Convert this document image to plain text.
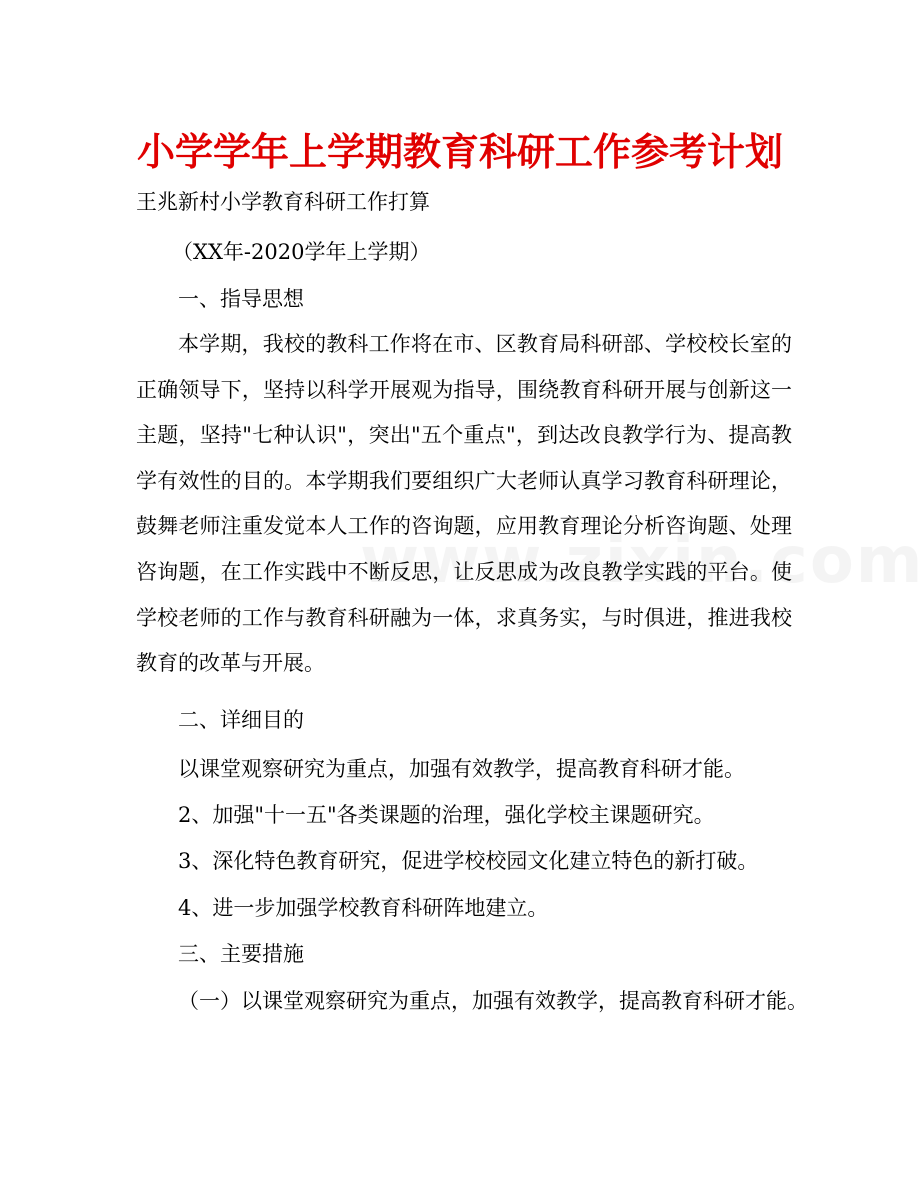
小学学年上学期教育科研工作参考计划
王兆新村小学教育科研工作打算
（XX年-2020学年上学期）
一、指导思想

本学期，我校的教科工作将在市、区教育局科研部、学校校长室的正确领导下，坚持以科学开展观为指导，围绕教育科研开展与创新这一主题，坚持"七种认识"，突出"五个重点"，到达改良教学行为、提高教学有效性的目的。本学期我们要组织广大老师认真学习教育科研理论，鼓舞老师注重发觉本人工作的咨询题，应用教育理论分析咨询题、处理咨询题，在工作实践中不断反思，让反思成为改良教学实践的平台。使学校老师的工作与教育科研融为一体，求真务实，与时俱进，推进我校教育的改革与开展。

二、详细目的
以课堂观察研究为重点，加强有效教学，提高教育科研才能。
2、加强"十一五"各类课题的治理，强化学校主课题研究。
3、深化特色教育研究，促进学校校园文化建立特色的新打破。
4、进一步加强学校教育科研阵地建立。
三、主要措施
（一）以课堂观察研究为重点，加强有效教学，提高教育科研才能。
